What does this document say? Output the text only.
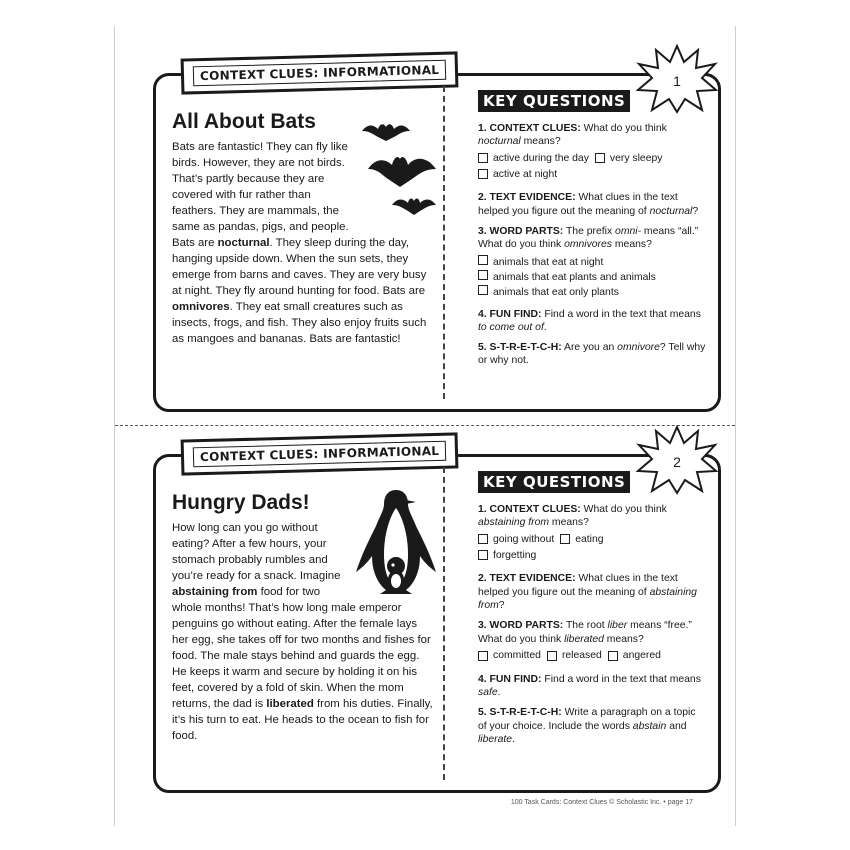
CONTEXT CLUES: INFORMATIONAL	1
All About Bats
Bats are fantastic! They can fly like birds. However, they are not birds. That’s partly because they are covered with fur rather than feathers. They are mammals, the same as pandas, pigs, and people. Bats are nocturnal. They sleep during the day, hanging upside down. When the sun sets, they emerge from barns and caves. They are very busy at night. They fly around hunting for food. Bats are omnivores. They eat small creatures such as insects, frogs, and fish. They also enjoy fruits such as mangoes and bananas. Bats are fantastic!
KEY QUESTIONS
1. CONTEXT CLUES: What do you think nocturnal means?
active during the day very sleepy

active at night
2. TEXT EVIDENCE: What clues in the text helped you figure out the meaning of nocturnal?
3. WORD PARTS: The prefix omni- means “all.” What do you think omnivores means?
animals that eat at night
animals that eat plants and animals
animals that eat only plants
4. FUN FIND: Find a word in the text that means to come out of.
5. S-T-R-E-T-C-H: Are you an omnivore? Tell why or why not.
CONTEXT CLUES: INFORMATIONAL	2
Hungry Dads!
How long can you go without eating? After a few hours, your stomach probably rumbles and you’re ready for a snack. Imagine abstaining from food for two whole months! That’s how long male emperor penguins go without eating. After the female lays her egg, she takes off for two months and fishes for food. The male stays behind and guards the egg. He keeps it warm and secure by holding it on his feet, covered by a fold of skin. When the mom returns, the dad is liberated from his duties. Finally, it’s his turn to eat. He heads to the ocean to fish for food.
KEY QUESTIONS
1. CONTEXT CLUES: What do you think abstaining from means?
going without eating

forgetting
2. TEXT EVIDENCE: What clues in the text helped you figure out the meaning of abstaining from?
3. WORD PARTS: The root liber means “free.” What do you think liberated means?
committed released angered
4. FUN FIND: Find a word in the text that means safe.
5. S-T-R-E-T-C-H: Write a paragraph on a topic of your choice. Include the words abstain and liberate.
100 Task Cards: Context Clues © Scholastic Inc. • page 17
